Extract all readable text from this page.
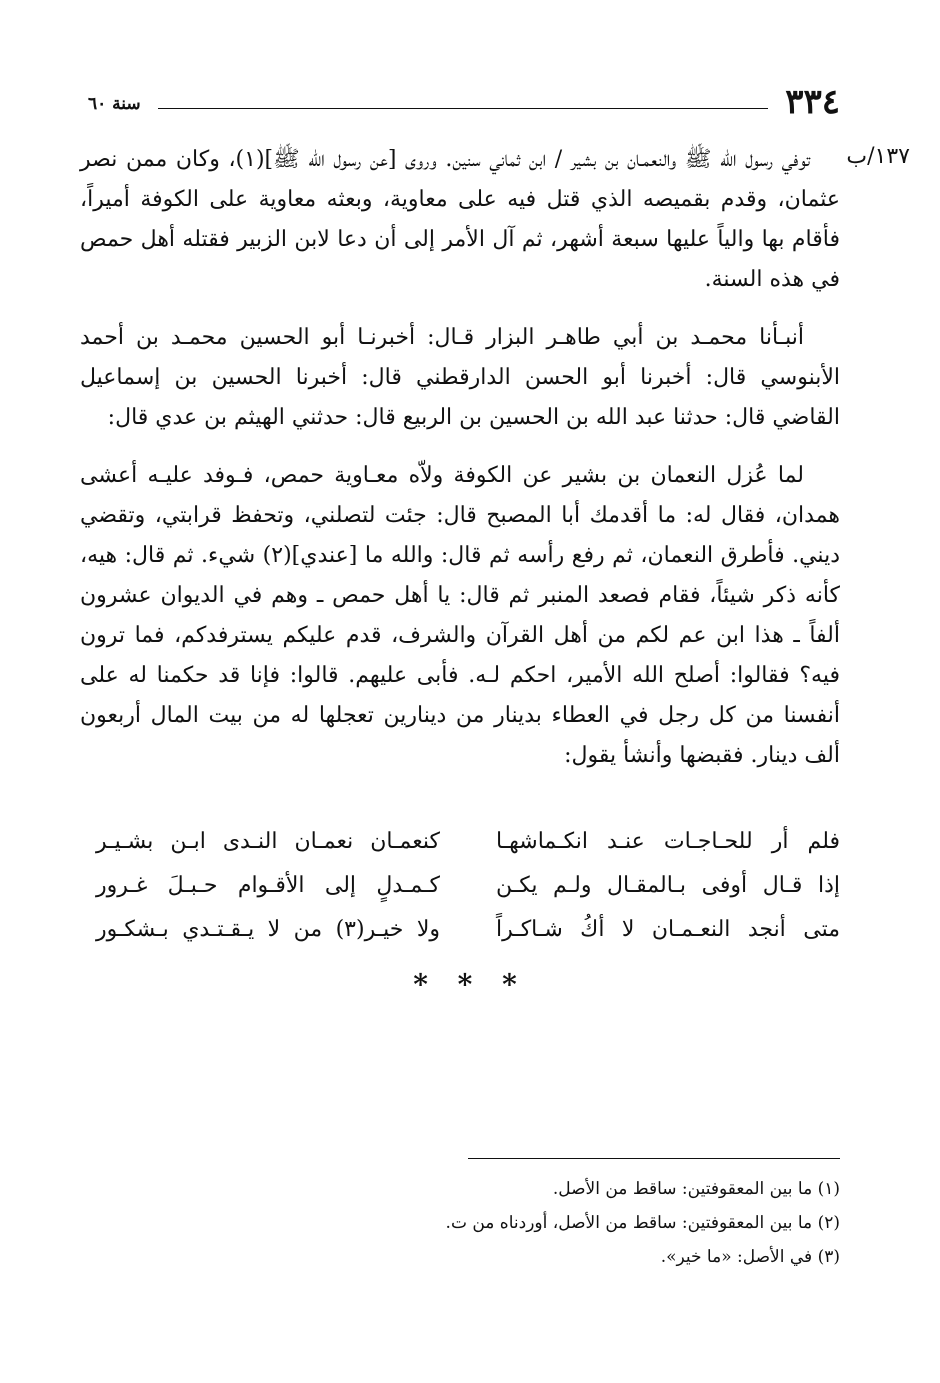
٣٣٤
سنة ٦٠
١٣٧/ب

توفي رسول الله ﷺ والنعمـان بن بشير / ابن ثماني سنين. وروى [عن رسول الله ﷺ](١)، وكان ممن نصر عثمان، وقدم بقميصه الذي قتل فيه على معاوية، وبعثه معاوية على الكوفة أميراً، فأقام بها والياً عليها سبعة أشهر، ثم آل الأمر إلى أن دعا لابن الزبير فقتله أهل حمص في هذه السنة.

أنبـأنا محمـد بن أبي طاهـر البزار قـال: أخبرنـا أبو الحسين محمـد بن أحمد الأبنوسي قال: أخبرنا أبو الحسن الدارقطني قال: أخبرنا الحسين بن إسماعيل القاضي قال: حدثنا عبد الله بن الحسين بن الربيع قال: حدثني الهيثم بن عدي قال:

لما عُزل النعمان بن بشير عن الكوفة ولاّه معـاوية حمص، فـوفد عليـه أعشى همدان، فقال له: ما أقدمك أبا المصبح قال: جئت لتصلني، وتحفظ قرابتي، وتقضي ديني. فأطرق النعمان، ثم رفع رأسه ثم قال: والله ما [عندي](٢) شيء. ثم قال: هيه، كأنه ذكر شيئاً، فقام فصعد المنبر ثم قال: يا أهل حمص ـ وهم في الديوان عشرون ألفاً ـ هذا ابن عم لكم من أهل القرآن والشرف، قدم عليكم يسترفدكم، فما ترون فيه؟ فقالوا: أصلح الله الأمير، احكم لـه. فأبى عليهم. قالوا: فإنا قد حكمنا له على أنفسنا من كل رجل في العطاء بدينار من دينارين تعجلها له من بيت المال أربعون ألف دينار. فقبضها وأنشأ يقول:

فلم أر للحـاجـات عنـد انكـماشهـا
كنعمـان نعمـان النـدى ابـن بشـيـر
إذا قـال أوفى بـالمقـال ولـم يكـن
كـمـدلٍ إلى الأقـوام حـبـلَ غـرور
متى أنجد النعـمـان لا أكُ شـاكـراً
ولا خيـر(٣) من لا يـقـتـدي بـشكـور
* * *
(١) ما بين المعقوفتين: ساقط من الأصل.
(٢) ما بين المعقوفتين: ساقط من الأصل، أوردناه من ت.
(٣) في الأصل: «ما خير».
